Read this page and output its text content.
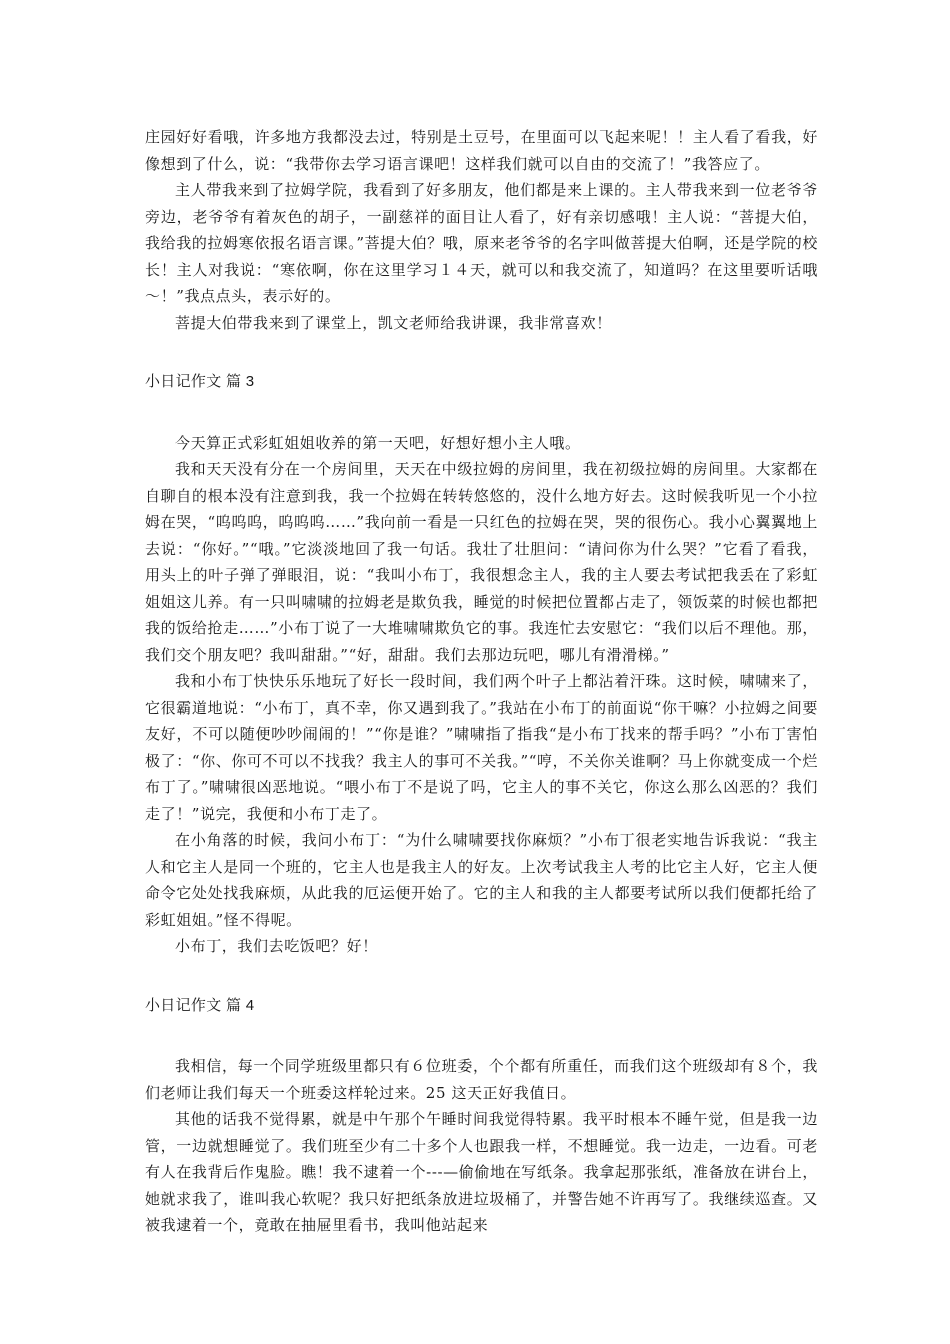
庄园好好看哦，许多地方我都没去过，特别是土豆号，在里面可以飞起来呢！！主人看了看我，好像想到了什么，说：“我带你去学习语言课吧！这样我们就可以自由的交流了！”我答应了。

主人带我来到了拉姆学院，我看到了好多朋友，他们都是来上课的。主人带我来到一位老爷爷旁边，老爷爷有着灰色的胡子，一副慈祥的面目让人看了，好有亲切感哦！主人说：“菩提大伯，我给我的拉姆寒依报名语言课。”菩提大伯？哦，原来老爷爷的名字叫做菩提大伯啊，还是学院的校长！主人对我说：“寒依啊，你在这里学习１４天，就可以和我交流了，知道吗？在这里要听话哦～！”我点点头，表示好的。

菩提大伯带我来到了课堂上，凯文老师给我讲课，我非常喜欢！

小日记作文 篇 3

今天算正式彩虹姐姐收养的第一天吧，好想好想小主人哦。

我和天天没有分在一个房间里，天天在中级拉姆的房间里，我在初级拉姆的房间里。大家都在自聊自的根本没有注意到我，我一个拉姆在转转悠悠的，没什么地方好去。这时候我听见一个小拉姆在哭，“呜呜呜，呜呜呜……”我向前一看是一只红色的拉姆在哭，哭的很伤心。我小心翼翼地上去说：“你好。”“哦。”它淡淡地回了我一句话。我壮了壮胆问：“请问你为什么哭？”它看了看我，用头上的叶子弹了弹眼泪，说：“我叫小布丁，我很想念主人，我的主人要去考试把我丢在了彩虹姐姐这儿养。有一只叫啸啸的拉姆老是欺负我，睡觉的时候把位置都占走了，领饭菜的时候也都把我的饭给抢走……”小布丁说了一大堆啸啸欺负它的事。我连忙去安慰它：“我们以后不理他。那，我们交个朋友吧？我叫甜甜。”“好，甜甜。我们去那边玩吧，哪儿有滑滑梯。”

我和小布丁快快乐乐地玩了好长一段时间，我们两个叶子上都沾着汗珠。这时候，啸啸来了，它很霸道地说：“小布丁，真不幸，你又遇到我了。”我站在小布丁的前面说“你干嘛？小拉姆之间要友好，不可以随便吵吵闹闹的！”“你是谁？”啸啸指了指我“是小布丁找来的帮手吗？”小布丁害怕极了：“你、你可不可以不找我？我主人的事可不关我。”“哼，不关你关谁啊？马上你就变成一个烂布丁了。”啸啸很凶恶地说。“喂小布丁不是说了吗，它主人的事不关它，你这么那么凶恶的？我们走了！”说完，我便和小布丁走了。

在小角落的时候，我问小布丁：“为什么啸啸要找你麻烦？”小布丁很老实地告诉我说：“我主人和它主人是同一个班的，它主人也是我主人的好友。上次考试我主人考的比它主人好，它主人便命令它处处找我麻烦，从此我的厄运便开始了。它的主人和我的主人都要考试所以我们便都托给了彩虹姐姐。”怪不得呢。

小布丁，我们去吃饭吧？好！

小日记作文 篇 4

我相信，每一个同学班级里都只有６位班委，个个都有所重任，而我们这个班级却有８个，我们老师让我们每天一个班委这样轮过来。25 这天正好我值日。

其他的话我不觉得累，就是中午那个午睡时间我觉得特累。我平时根本不睡午觉，但是我一边管，一边就想睡觉了。我们班至少有二十多个人也跟我一样，不想睡觉。我一边走，一边看。可老有人在我背后作鬼脸。瞧！我不逮着一个---—偷偷地在写纸条。我拿起那张纸，准备放在讲台上，她就求我了，谁叫我心软呢？我只好把纸条放进垃圾桶了，并警告她不许再写了。我继续巡查。又被我逮着一个，竟敢在抽屉里看书，我叫他站起来
